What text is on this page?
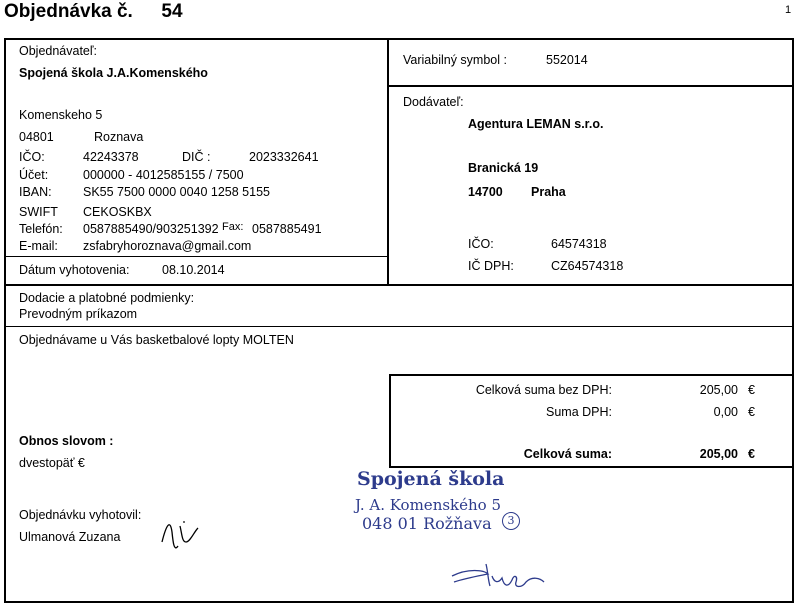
Objednávka č. 54	1
Objednávateľ:
Spojená škola J.A.Komenského
Komenskeho 5
04801	Roznava
IČO:	42243378	DIČ :	2023332641
Účet:	000000 - 4012585155 / 7500
IBAN:	SK55 7500 0000 0040 1258 5155
SWIFT CEKOSKBX
Telefón: 0587885490/903251392 Fax: 0587885491
E-mail: zsfabryhoroznava@gmail.com
Dátum vyhotovenia:	08.10.2014
Variabilný symbol :	552014
Dodávateľ:
Agentura LEMAN s.r.o.
Branická 19
14700 Praha
IČO:	64574318
IČ DPH:	CZ64574318
Dodacie a platobné podmienky:
Prevodným príkazom
Objednávame u Vás basketbalové lopty MOLTEN
Celková suma bez DPH:	205,00 €
Suma DPH:	0,00 €
Celková suma:	205,00 €
Obnos slovom :
dvestopäť €
Objednávku vyhotovil:
Ulmanová Zuzana
Spojená škola
J. A. Komenského 5
048 01 Rožňava	3
